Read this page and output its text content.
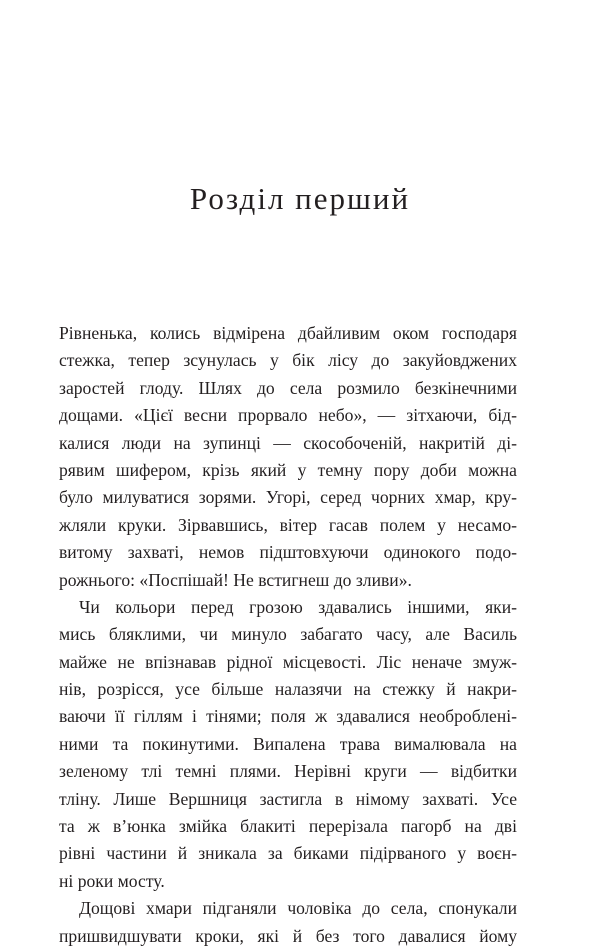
Розділ перший
Рівненька, колись відмірена дбайливим оком господаря
стежка, тепер зсунулась у бік лісу до закуйовджених
заростей глоду. Шлях до села розмило безкінечними
дощами. «Цієї весни прорвало небо», — зітхаючи, бід-
калися люди на зупинці — скособоченій, накритій ді-
рявим шифером, крізь який у темну пору доби можна
було милуватися зорями. Угорі, серед чорних хмар, кру-
жляли круки. Зірвавшись, вітер гасав полем у несамо-
витому захваті, немов підштовхуючи одинокого подо-
рожнього: «Поспішай! Не встигнеш до зливи».
Чи кольори перед грозою здавались іншими, яки-
мись бляклими, чи минуло забагато часу, але Василь
майже не впізнавав рідної місцевості. Ліс неначе змуж-
нів, розрісся, усе більше налазячи на стежку й накри-
ваючи її гіллям і тінями; поля ж здавалися необроблені-
ними та покинутими. Випалена трава вималювала на
зеленому тлі темні плями. Нерівні круги — відбитки
тліну. Лише Вершниця застигла в німому захваті. Усе
та ж в’юнка змійка блакиті перерізала пагорб на дві
рівні частини й зникала за биками підірваного у воєн-
ні роки мосту.
Дощові хмари підганяли чоловіка до села, спонукали
пришвидшувати кроки, які й без того давалися йому
